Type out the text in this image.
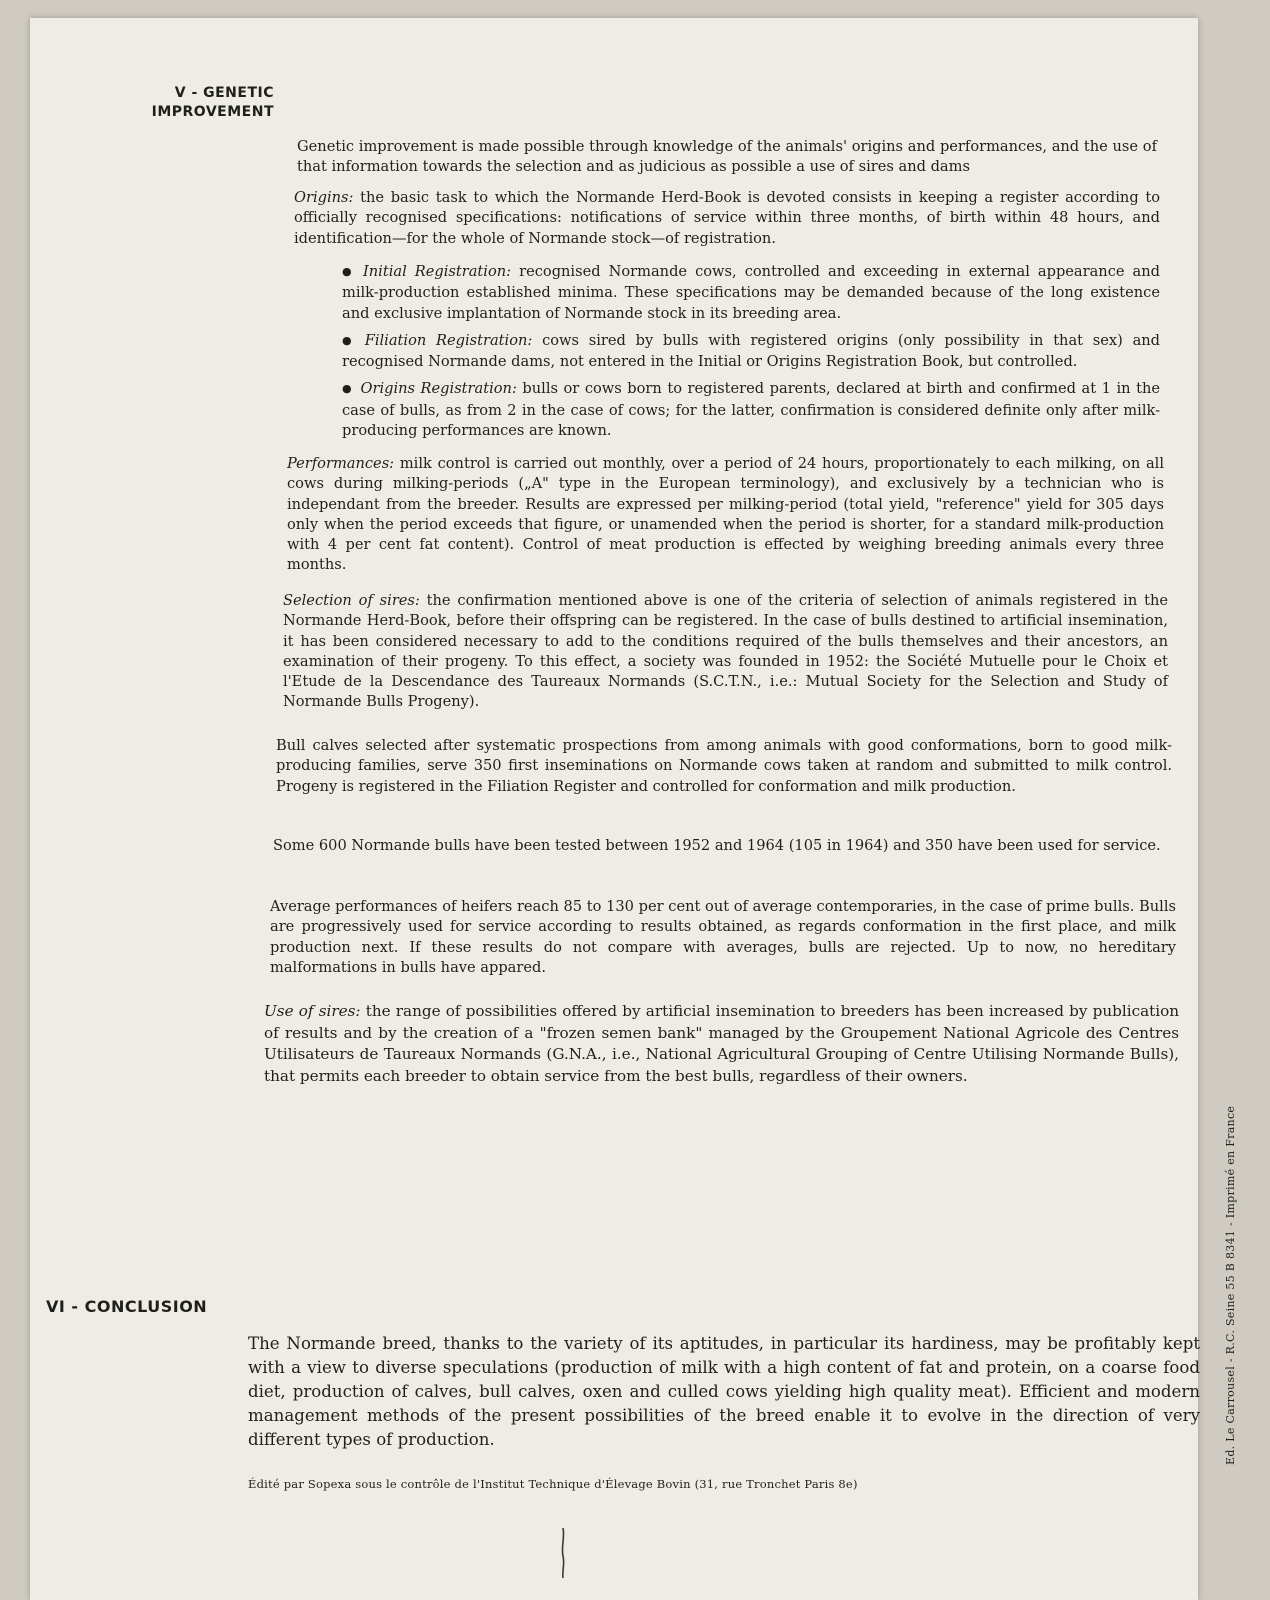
V - GENETIC
IMPROVEMENT

Genetic improvement is made possible through knowledge of the animals' origins and performances, and the use of that information towards the selection and as judicious as possible a use of sires and dams

Origins: the basic task to which the Normande Herd-Book is devoted consists in keeping a register according to officially recognised specifications: notifications of service within three months, of birth within 48 hours, and identification—for the whole of Normande stock—of registration.

● Initial Registration: recognised Normande cows, controlled and exceeding in external appearance and milk-production established minima. These specifications may be demanded because of the long existence and exclusive implantation of Normande stock in its breeding area.

● Filiation Registration: cows sired by bulls with registered origins (only possibility in that sex) and recognised Normande dams, not entered in the Initial or Origins Registration Book, but controlled.

● Origins Registration: bulls or cows born to registered parents, declared at birth and confirmed at 1 in the case of bulls, as from 2 in the case of cows; for the latter, confirmation is considered definite only after milk-producing performances are known.

Performances: milk control is carried out monthly, over a period of 24 hours, proportionately to each milking, on all cows during milking-periods („A" type in the European terminology), and exclusively by a technician who is independant from the breeder. Results are expressed per milking-period (total yield, "reference" yield for 305 days only when the period exceeds that figure, or unamended when the period is shorter, for a standard milk-production with 4 per cent fat content). Control of meat production is effected by weighing breeding animals every three months.

Selection of sires: the confirmation mentioned above is one of the criteria of selection of animals registered in the Normande Herd-Book, before their offspring can be registered. In the case of bulls destined to artificial insemination, it has been considered necessary to add to the conditions required of the bulls themselves and their ancestors, an examination of their progeny. To this effect, a society was founded in 1952: the Société Mutuelle pour le Choix et l'Etude de la Descendance des Taureaux Normands (S.C.T.N., i.e.: Mutual Society for the Selection and Study of Normande Bulls Progeny).

Bull calves selected after systematic prospections from among animals with good conformations, born to good milk-producing families, serve 350 first inseminations on Normande cows taken at random and submitted to milk control. Progeny is registered in the Filiation Register and controlled for conformation and milk production.

Some 600 Normande bulls have been tested between 1952 and 1964 (105 in 1964) and 350 have been used for service.

Average performances of heifers reach 85 to 130 per cent out of average contemporaries, in the case of prime bulls. Bulls are progressively used for service according to results obtained, as regards conformation in the first place, and milk production next. If these results do not compare with averages, bulls are rejected. Up to now, no hereditary malformations in bulls have appared.

Use of sires: the range of possibilities offered by artificial insemination to breeders has been increased by publication of results and by the creation of a "frozen semen bank" managed by the Groupement National Agricole des Centres Utilisateurs de Taureaux Normands (G.N.A., i.e., National Agricultural Grouping of Centre Utilising Normande Bulls), that permits each breeder to obtain service from the best bulls, regardless of their owners.

VI - CONCLUSION

The Normande breed, thanks to the variety of its aptitudes, in particular its hardiness, may be profitably kept with a view to diverse speculations (production of milk with a high content of fat and protein, on a coarse food diet, production of calves, bull calves, oxen and culled cows yielding high quality meat). Efficient and modern management methods of the present possibilities of the breed enable it to evolve in the direction of very different types of production.

Édité par Sopexa sous le contrôle de l'Institut Technique d'Élevage Bovin (31, rue Tronchet Paris 8e)
Ed. Le Carrousel - R.C. Seine 55 B 8341 - Imprimé en France
